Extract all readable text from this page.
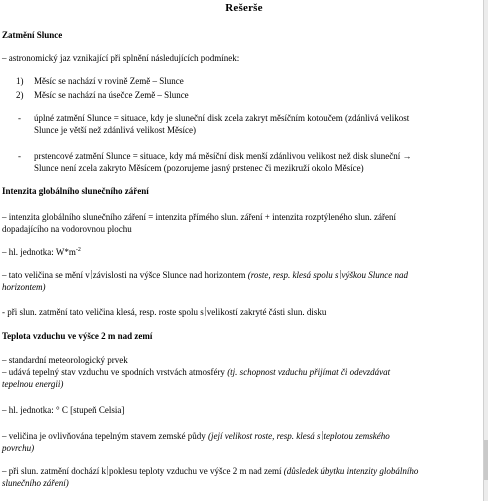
Rešerše
Zatmění Slunce
– astronomický jaz vznikající při splnění následujících podmínek:
1) Měsíc se nachází v rovině Země – Slunce
2) Měsíc se nachází na úsečce Země – Slunce
- úplné zatmění Slunce = situace, kdy je sluneční disk zcela zakryt měsíčním kotoučem (zdánlivá velikost
Slunce je větší než zdánlivá velikost Měsíce)
- prstencové zatmění Slunce = situace, kdy má měsíční disk menší zdánlivou velikost než disk sluneční →
Slunce není zcela zakryto Měsícem (pozorujeme jasný prstenec či mezikruží okolo Měsíce)
Intenzita globálního slunečního záření
– intenzita globálního slunečního záření = intenzita přímého slun. záření + intenzita rozptýleného slun. záření
dopadajícího na vodorovnou plochu
– hl. jednotka: $W*m^{-2}$
– tato veličina se mění v závislosti na výšce Slunce nad horizontem (roste, resp. klesá spolu s výškou Slunce nad
horizontem)
- při slun. zatmění tato veličina klesá, resp. roste spolu s velikostí zakryté části slun. disku
Teplota vzduchu ve výšce 2 m nad zemí
– standardní meteorologický prvek
– udává tepelný stav vzduchu ve spodních vrstvách atmosféry (tj. schopnost vzduchu přijímat či odevzdávat
tepelnou energii)
– hl. jednotka: ° C [stupeň Celsia]
– veličina je ovlivňována tepelným stavem zemské půdy (její velikost roste, resp. klesá s teplotou zemského
povrchu)
– při slun. zatmění dochází k poklesu teploty vzduchu ve výšce 2 m nad zemí (důsledek úbytku intenzity globálního
slunečního záření)
